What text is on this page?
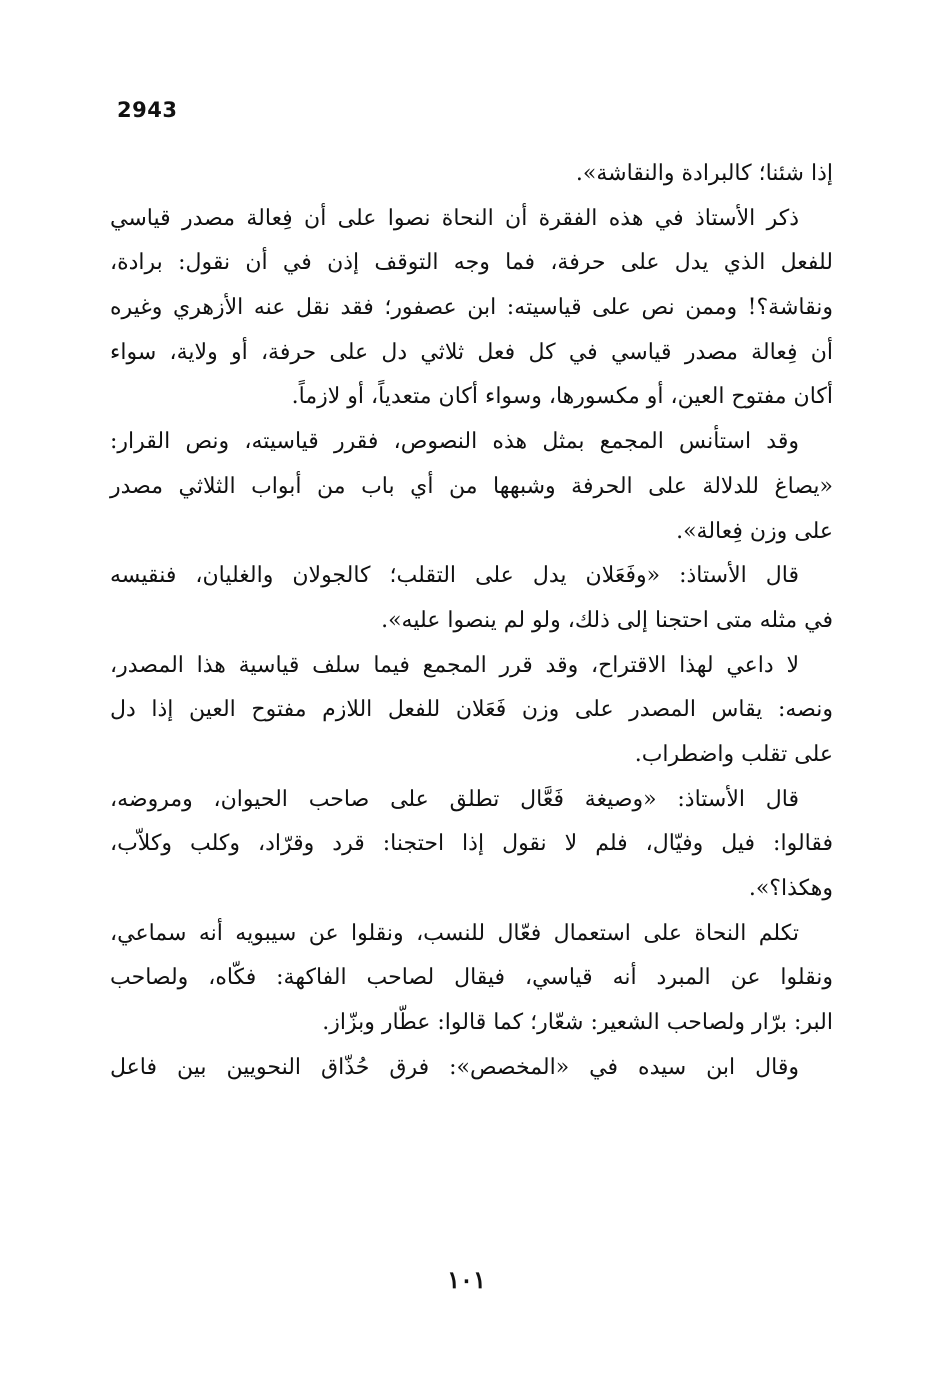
2943
إذا شئنا؛ كالبرادة والنقاشة».
ذكر الأستاذ في هذه الفقرة أن النحاة نصوا على أن فِعالة مصدر قياسي
للفعل الذي يدل على حرفة، فما وجه التوقف إذن في أن نقول: برادة،
ونقاشة؟! وممن نص على قياسيته: ابن عصفور؛ فقد نقل عنه الأزهري وغيره
أن فِعالة مصدر قياسي في كل فعل ثلاثي دل على حرفة، أو ولاية، سواء
أكان مفتوح العين، أو مكسورها، وسواء أكان متعدياً، أو لازماً.
وقد استأنس المجمع بمثل هذه النصوص، فقرر قياسيته، ونص القرار:
«يصاغ للدلالة على الحرفة وشبهها من أي باب من أبواب الثلاثي مصدر
على وزن فِعالة».
قال الأستاذ: «وفَعَلان يدل على التقلب؛ كالجولان والغليان، فنقيسه
في مثله متى احتجنا إلى ذلك، ولو لم ينصوا عليه».
لا داعي لهذا الاقتراح، وقد قرر المجمع فيما سلف قياسية هذا المصدر،
ونصه: يقاس المصدر على وزن فَعَلان للفعل اللازم مفتوح العين إذا دل
على تقلب واضطراب.
قال الأستاذ: «وصيغة فَعَّال تطلق على صاحب الحيوان، ومروضه،
فقالوا: فيل وفيّال، فلم لا نقول إذا احتجنا: قرد وقرّاد، وكلب وكلاّب،
وهكذا؟».
تكلم النحاة على استعمال فعّال للنسب، ونقلوا عن سيبويه أنه سماعي،
ونقلوا عن المبرد أنه قياسي، فيقال لصاحب الفاكهة: فكّاه، ولصاحب
البر: برّار ولصاحب الشعير: شعّار؛ كما قالوا: عطّار وبزّاز.
وقال ابن سيده في «المخصص»: فرق حُذّاق النحويين بين فاعل
١٠١
